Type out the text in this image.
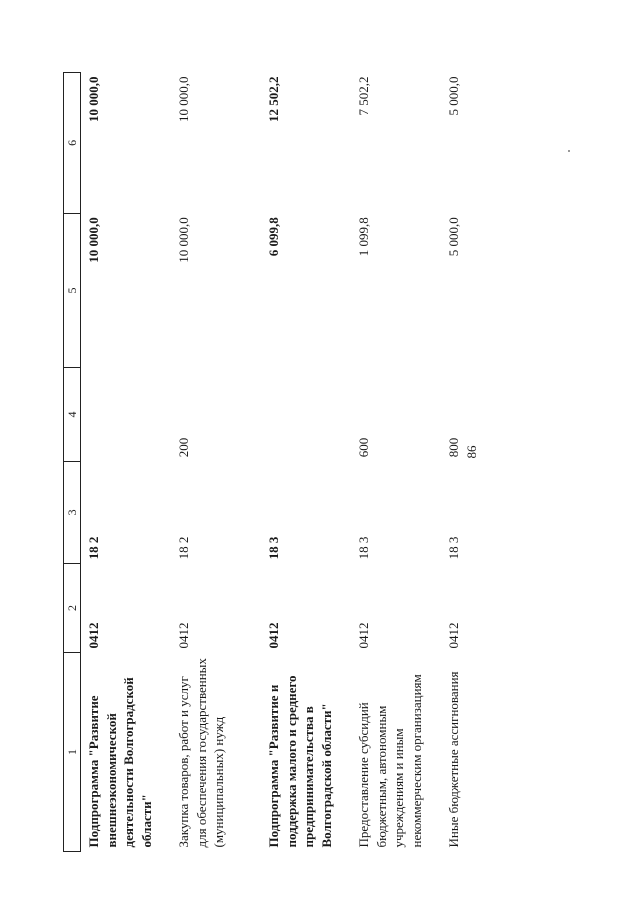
86
1	2	3	4	5	6
Подпрограмма "Развитие внешнеэкономической деятельности Волгоградской области"	0412	18 2		10 000,0	10 000,0
Закупка товаров, работ и услуг для обеспечения государственных (муниципальных) нужд	0412	18 2	200	10 000,0	10 000,0
Подпрограмма "Развитие и поддержка малого и среднего предпринимательства в Волгоградской области"	0412	18 3		6 099,8	12 502,2
Предоставление субсидий бюджетным, автономным учреждениям и иным некоммерческим организациям	0412	18 3	600	1 099,8	7 502,2
Иные бюджетные ассигнования	0412	18 3	800	5 000,0	5 000,0
